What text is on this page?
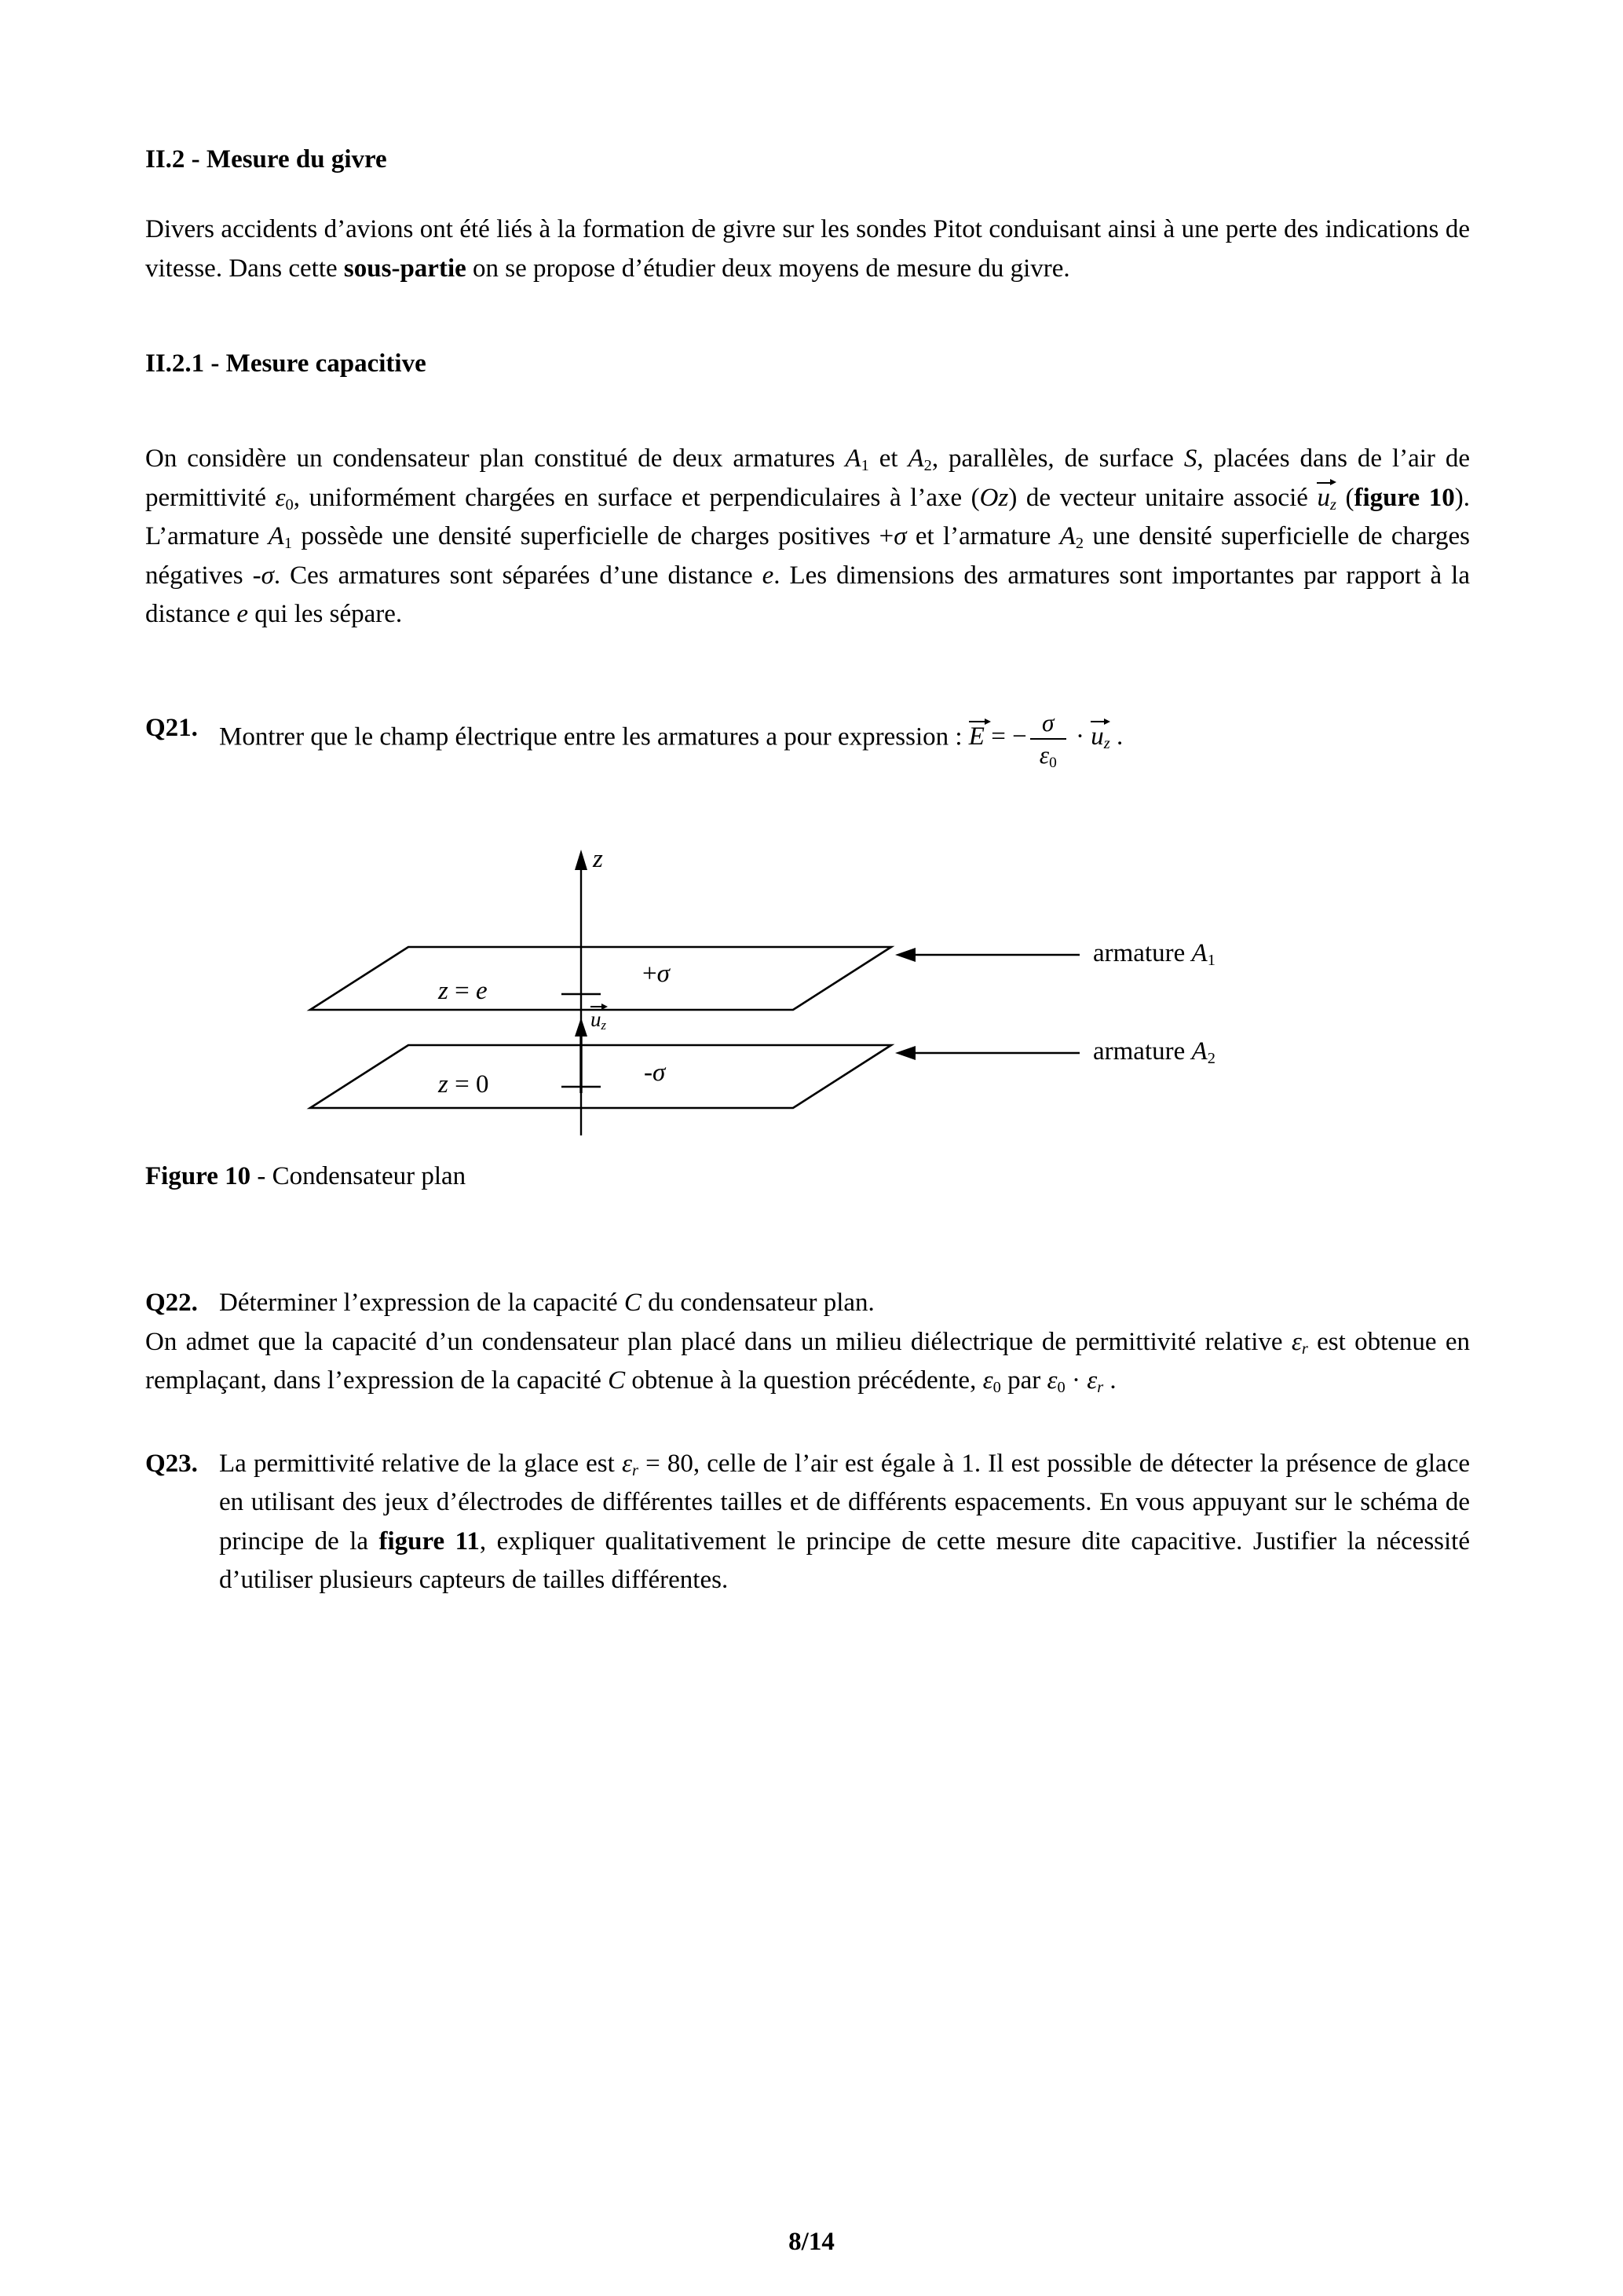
II.2 - Mesure du givre

Divers accidents d’avions ont été liés à la formation de givre sur les sondes Pitot conduisant ainsi à une perte des indications de vitesse. Dans cette sous-partie on se propose d’étudier deux moyens de mesure du givre.

II.2.1 - Mesure capacitive

On considère un condensateur plan constitué de deux armatures A1 et A2, parallèles, de surface S, placées dans de l’air de permittivité ε0, uniformément chargées en surface et perpendiculaires à l’axe (Oz) de vecteur unitaire associé uz (figure 10). L’armature A1 possède une densité superficielle de charges positives +σ et l’armature A2 une densité superficielle de charges négatives -σ. Ces armatures sont séparées d’une distance e. Les dimensions des armatures sont importantes par rapport à la distance e qui les sépare.

Q21. Montrer que le champ électrique entre les armatures a pour expression : E = − $\frac{\sigma}{\varepsilon 0}$ · uz .
z
z = e
+σ
uz
z = 0	-σ
armature A1
armature A2

Figure 10 - Condensateur plan

Q22. Déterminer l’expression de la capacité C du condensateur plan.

On admet que la capacité d’un condensateur plan placé dans un milieu diélectrique de permittivité relative εr est obtenue en remplaçant, dans l’expression de la capacité C obtenue à la question précédente, ε0 par ε0 · εr .

Q23. La permittivité relative de la glace est εr = 80, celle de l’air est égale à 1. Il est possible de détecter la présence de glace en utilisant des jeux d’électrodes de différentes tailles et de différents espacements. En vous appuyant sur le schéma de principe de la figure 11, expliquer qualitativement le principe de cette mesure dite capacitive. Justifier la nécessité d’utiliser plusieurs capteurs de tailles différentes.
8/14
